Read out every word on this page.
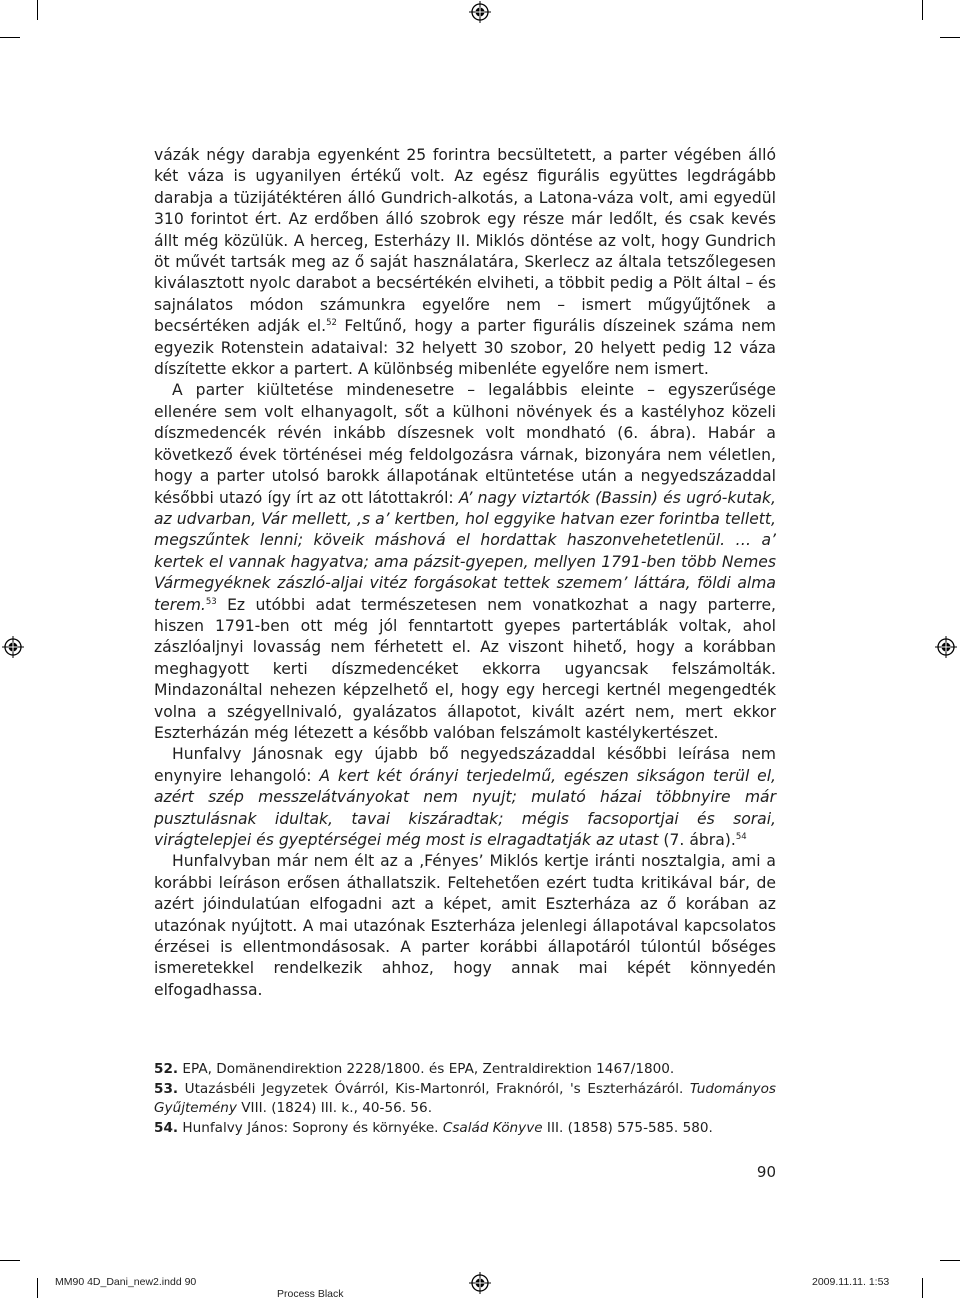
vázák négy darabja egyenként 25 forintra becsültetett, a parter végében álló két váza is ugyanilyen értékű volt. Az egész figurális együttes legdrágább darabja a tüzijátéktéren álló Gundrich-alkotás, a Latona-váza volt, ami egyedül 310 forintot ért. Az erdőben álló szobrok egy része már ledőlt, és csak kevés állt még közülük. A herceg, Esterházy II. Miklós döntése az volt, hogy Gundrich öt művét tartsák meg az ő saját használatára, Skerlecz az általa tetszőlegesen kiválasztott nyolc darabot a becsértékén elviheti, a többit pedig a Pölt által – és sajnálatos módon számunkra egyelőre nem – ismert műgyűjtőnek a becsértéken adják el.$^{52}$ Feltűnő, hogy a parter figurális díszeinek száma nem egyezik Rotenstein adataival: 32 helyett 30 szobor, 20 helyett pedig 12 váza díszítette ekkor a partert. A különbség mibenléte egyelőre nem ismert.

A parter kiültetése mindenesetre – legalábbis eleinte – egyszerűsége ellenére sem volt elhanyagolt, sőt a külhoni növények és a kastélyhoz közeli díszmedencék révén inkább díszesnek volt mondható (6. ábra). Habár a következő évek történései még feldolgozásra várnak, bizonyára nem véletlen, hogy a parter utolsó barokk állapotának eltüntetése után a negyedszázaddal későbbi utazó így írt az ott látottakról: A’ nagy viztartók (Bassin) és ugró-kutak, az udvarban, Vár mellett, ,s a’ kertben, hol eggyike hatvan ezer forintba tellett, megszűntek lenni; köveik máshová el hordattak haszonvehetetlenül. … a’ kertek el vannak hagyatva; ama pázsit-gyepen, mellyen 1791-ben több Nemes Vármegyéknek zászló-aljai vitéz forgásokat tettek szemem’ láttára, földi alma terem.$^{53}$ Ez utóbbi adat természetesen nem vonatkozhat a nagy parterre, hiszen 1791-ben ott még jól fenntartott gyepes partertáblák voltak, ahol zászlóaljnyi lovasság nem férhetett el. Az viszont hihető, hogy a korábban meghagyott kerti díszmedencéket ekkorra ugyancsak felszámolták. Mindazonáltal nehezen képzelhető el, hogy egy hercegi kertnél megengedték volna a szégyellnivaló, gyalázatos állapotot, kivált azért nem, mert ekkor Eszterházán még létezett a később valóban felszámolt kastélykertészet.

Hunfalvy Jánosnak egy újabb bő negyedszázaddal későbbi leírása nem enynyire lehangoló: A kert két órányi terjedelmű, egészen sikságon terül el, azért szép messzelátványokat nem nyujt; mulató házai többnyire már pusztulásnak idultak, tavai kiszáradtak; mégis facsoportjai és sorai, virágtelepjei és gyeptérségei még most is elragadtatják az utast (7. ábra).$^{54}$

Hunfalvyban már nem élt az a ‚Fényes’ Miklós kertje iránti nosztalgia, ami a korábbi leíráson erősen áthallatszik. Feltehetően ezért tudta kritikával bár, de azért jóindulatúan elfogadni azt a képet, amit Eszterháza az ő korában az utazónak nyújtott. A mai utazónak Eszterháza jelenlegi állapotával kapcsolatos érzései is ellentmondásosak. A parter korábbi állapotáról túlontúl bőséges ismeretekkel rendelkezik ahhoz, hogy annak mai képét könnyedén elfogadhassa.

52. EPA, Domänendirektion 2228/1800. és EPA, Zentraldirektion 1467/1800.

53. Utazásbéli Jegyzetek Óvárról, Kis-Martonról, Fraknóról, 's Eszterházáról. Tudományos Gyűjtemény VIII. (1824) III. k., 40-56. 56.

54. Hunfalvy János: Soprony és környéke. Család Könyve III. (1858) 575-585. 580.

90
MM90 4D_Dani_new2.indd 90	2009.11.11. 1:53
Process Black
